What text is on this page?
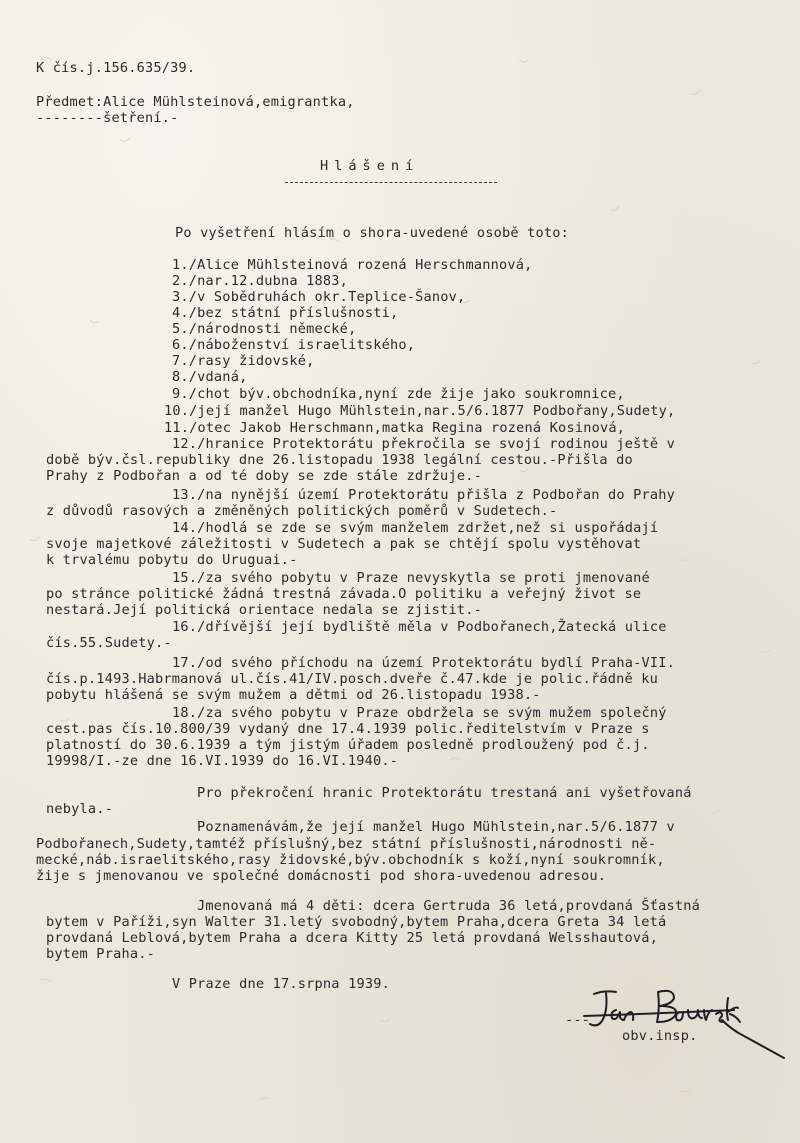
K čís.j.156.635/39.
Předmet:Alice Mühlsteinová,emigrantka,
--------šetření.-
Hlášení
Po vyšetření hlásím o shora-uvedené osobě toto:
1./Alice Mühlsteinová rozená Herschmannová,
2./nar.12.dubna 1883,
3./v Sobědruhách okr.Teplice-Šanov,
4./bez státní příslušnosti,
5./národnosti německé,
6./náboženství israelitského,
7./rasy židovské,
8./vdaná,
9./chot býv.obchodníka,nyní zde žije jako soukromnice,
10./její manžel Hugo Mühlstein,nar.5/6.1877 Podbořany,Sudety,
11./otec Jakob Herschmann,matka Regina rozená Kosinová,
12./hranice Protektorátu překročila se svojí rodinou ještě v
době býv.čsl.republiky dne 26.listopadu 1938 legální cestou.-Přišla do
Prahy z Podbořan a od té doby se zde stále zdržuje.-
13./na nynější území Protektorátu přišla z Podbořan do Prahy
z důvodů rasových a změněných politických poměrů v Sudetech.-
14./hodlá se zde se svým manželem zdržet,než si uspořádají
svoje majetkové záležitosti v Sudetech a pak se chtějí spolu vystěhovat
k trvalému pobytu do Uruguai.-
15./za svého pobytu v Praze nevyskytla se proti jmenované
po stránce politické žádná trestná závada.O politiku a veřejný život se
nestará.Její politická orientace nedala se zjistit.-
16./dřívější její bydliště měla v Podbořanech,Žatecká ulice
čís.55.Sudety.-
17./od svého příchodu na území Protektorátu bydlí Praha-VII.
čís.p.1493.Habrmanová ul.čís.41/IV.posch.dveře č.47.kde je polic.řádně ku
pobytu hlášená se svým mužem a dětmi od 26.listopadu 1938.-
18./za svého pobytu v Praze obdržela se svým mužem společný
cest.pas čís.10.800/39 vydaný dne 17.4.1939 polic.ředitelstvím v Praze s
platností do 30.6.1939 a tým jistým úřadem posledně prodloužený pod č.j.
19998/I.-ze dne 16.VI.1939 do 16.VI.1940.-
Pro překročení hranic Protektorátu trestaná ani vyšetřovaná
nebyla.-
Poznamenávám,že její manžel Hugo Mühlstein,nar.5/6.1877 v
Podbořanech,Sudety,tamtéž příslušný,bez státní příslušnosti,národnosti ně-
mecké,náb.israelitského,rasy židovské,býv.obchodník s koží,nyní soukromník,
žije s jmenovanou ve společné domácnosti pod shora-uvedenou adresou.
Jmenovaná má 4 děti: dcera Gertruda 36 letá,provdaná Šťastná
bytem v Paříži,syn Walter 31.letý svobodný,bytem Praha,dcera Greta 34 letá
provdaná Leblová,bytem Praha a dcera Kitty 25 letá provdaná Welsshautová,
bytem Praha.-
V Praze dne 17.srpna 1939.
---
obv.insp.
